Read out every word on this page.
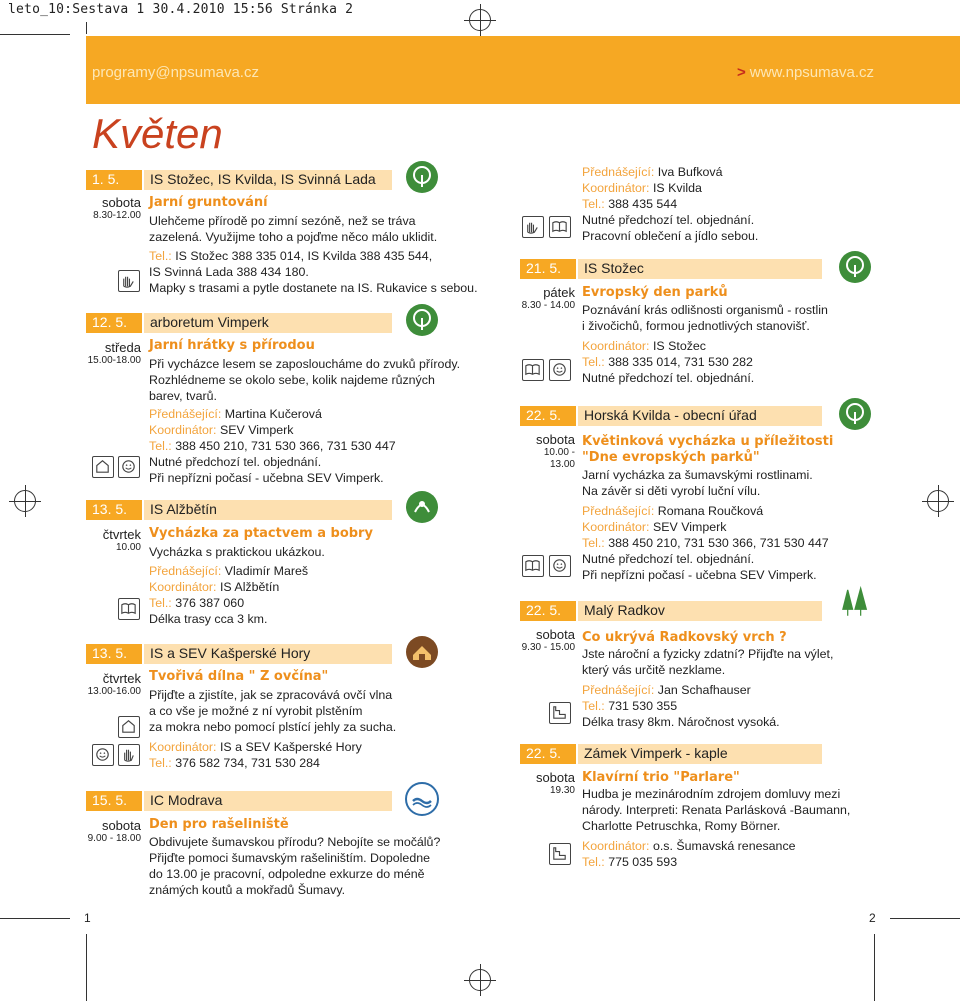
leto_10:Sestava 1 30.4.2010 15:56 Stránka 2
programy@npsumava.cz	> www.npsumava.cz
Květen
1. 5.	IS Stožec, IS Kvilda, IS Svinná Lada
sobota
8.30-12.00
Jarní gruntování
Ulehčeme přírodě po zimní sezóně, než se tráva
zazelená. Využijme toho a pojďme něco málo uklidit.
Tel.: IS Stožec 388 335 014, IS Kvilda 388 435 544,
IS Svinná Lada 388 434 180.
Mapky s trasami a pytle dostanete na IS. Rukavice s sebou.
12. 5.	arboretum Vimperk
středa
15.00-18.00
Jarní hrátky s přírodou
Při vycházce lesem se zaposloucháme do zvuků přírody.
Rozhlédneme se okolo sebe, kolik najdeme různých
barev, tvarů.
Přednášející: Martina Kučerová
Koordinátor: SEV Vimperk
Tel.: 388 450 210, 731 530 366, 731 530 447
Nutné předchozí tel. objednání.
Při nepřízni počasí - učebna SEV Vimperk.
13. 5.	IS Alžbětín
čtvrtek
10.00
Vycházka za ptactvem a bobry
Vycházka s praktickou ukázkou.
Přednášející: Vladimír Mareš
Koordinátor: IS Alžbětín
Tel.: 376 387 060
Délka trasy cca 3 km.
13. 5.	IS a SEV Kašperské Hory
čtvrtek
13.00-16.00
Tvořivá dílna " Z ovčína"
Přijďte a zjistíte, jak se zpracovává ovčí vlna
a co vše je možné z ní vyrobit plstěním
za mokra nebo pomocí plstící jehly za sucha.
Koordinátor: IS a SEV Kašperské Hory
Tel.: 376 582 734, 731 530 284
15. 5.	IC Modrava
sobota
9.00 - 18.00
Den pro rašeliniště
Obdivujete šumavskou přírodu? Nebojíte se močálů?
Přijďte pomoci šumavským rašeliništím. Dopoledne
do 13.00 je pracovní, odpoledne exkurze do méně
známých koutů a mokřadů Šumavy.
1
Přednášející: Iva Bufková
Koordinátor: IS Kvilda
Tel.: 388 435 544
Nutné předchozí tel. objednání.
Pracovní oblečení a jídlo sebou.
21. 5.	IS Stožec
pátek
8.30 - 14.00
Evropský den parků
Poznávání krás odlišnosti organismů - rostlin
i živočichů, formou jednotlivých stanovišť.
Koordinátor: IS Stožec
Tel.: 388 335 014, 731 530 282
Nutné předchozí tel. objednání.
22. 5.	Horská Kvilda - obecní úřad
sobota
10.00 - 13.00
Květinková vycházka u příležitosti
"Dne evropských parků"
Jarní vycházka za šumavskými rostlinami.
Na závěr si děti vyrobí luční vílu.
Přednášející: Romana Roučková
Koordinátor: SEV Vimperk
Tel.: 388 450 210, 731 530 366, 731 530 447
Nutné předchozí tel. objednání.
Při nepřízni počasí - učebna SEV Vimperk.
22. 5.	Malý Radkov
sobota
9.30 - 15.00
Co ukrývá Radkovský vrch ?
Jste nároční a fyzicky zdatní? Přijďte na výlet,
který vás určitě nezklame.
Přednášející: Jan Schafhauser
Tel.: 731 530 355
Délka trasy 8km. Náročnost vysoká.
22. 5.	Zámek Vimperk - kaple
sobota
19.30
Klavírní trio "Parlare"
Hudba je mezinárodním zdrojem domluvy mezi
národy. Interpreti: Renata Parlásková -Baumann,
Charlotte Petruschka, Romy Börner.
Koordinátor: o.s. Šumavská renesance
Tel.: 775 035 593
2
